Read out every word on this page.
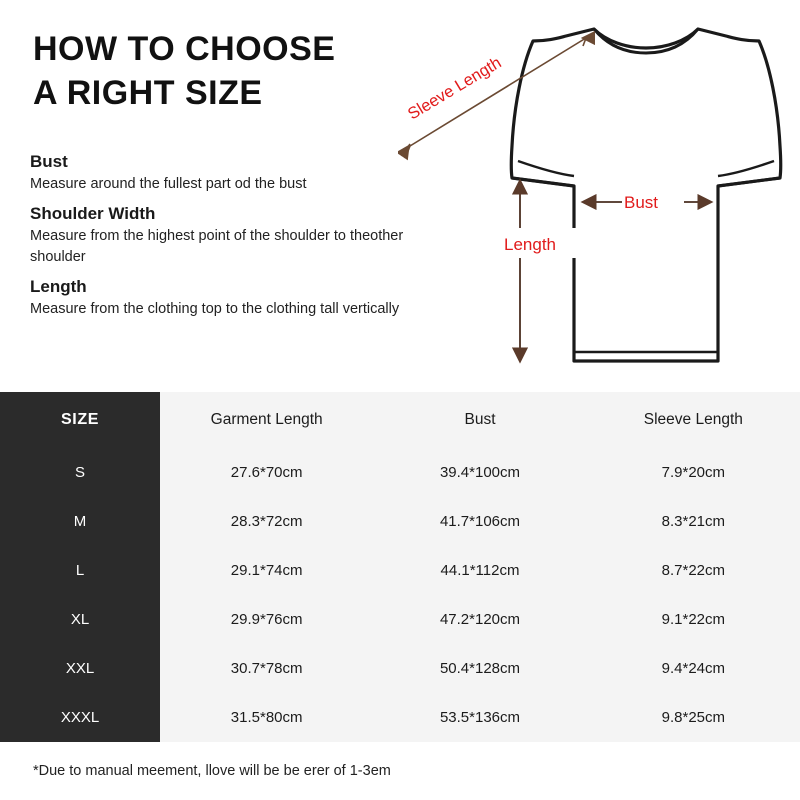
HOW TO CHOOSE
A RIGHT SIZE
Bust
Measure around the fullest part od the bust
Shoulder Width
Measure from the highest point of the shoulder to theother shoulder
Length
Measure from the clothing top to the clothing tall vertically
Sleeve Length
Bust
Length
SIZE	Garment Length	Bust	Sleeve Length
S	27.6*70cm	39.4*100cm	7.9*20cm
M	28.3*72cm	41.7*106cm	8.3*21cm
L	29.1*74cm	44.1*112cm	8.7*22cm
XL	29.9*76cm	47.2*120cm	9.1*22cm
XXL	30.7*78cm	50.4*128cm	9.4*24cm
XXXL	31.5*80cm	53.5*136cm	9.8*25cm
*Due to manual meement, llove will be be erer of 1-3em
